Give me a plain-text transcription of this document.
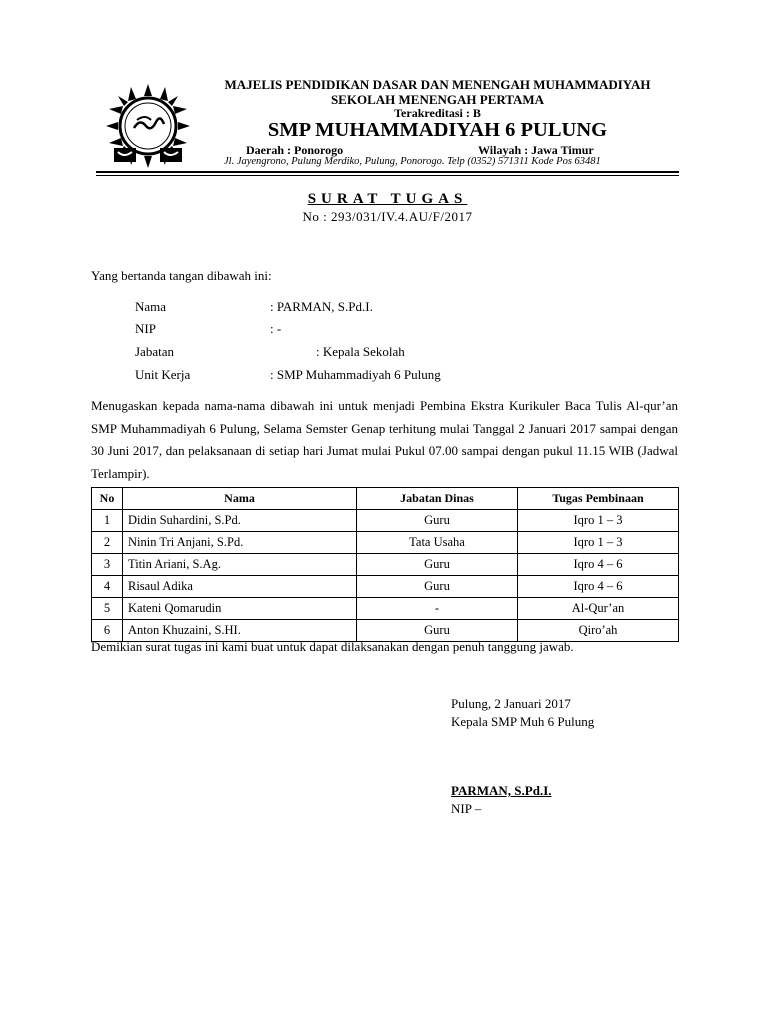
MAJELIS PENDIDIKAN DASAR DAN MENENGAH MUHAMMADIYAH
SEKOLAH MENENGAH PERTAMA
Terakreditasi : B
SMP MUHAMMADIYAH 6 PULUNG
Daerah : Ponorogo	Wilayah : Jawa Timur
Jl. Jayengrono, Pulung Merdiko, Pulung, Ponorogo. Telp (0352) 571311 Kode Pos 63481
SURAT TUGAS
No : 293/031/IV.4.AU/F/2017
Yang bertanda tangan dibawah ini:
Nama	: PARMAN, S.Pd.I.
NIP	: -
Jabatan	: Kepala Sekolah
Unit Kerja	: SMP Muhammadiyah 6 Pulung
Menugaskan kepada nama-nama dibawah ini untuk menjadi Pembina Ekstra Kurikuler Baca Tulis Al-qur’an SMP Muhammadiyah 6 Pulung, Selama Semster Genap terhitung mulai Tanggal 2 Januari 2017 sampai dengan 30 Juni 2017, dan pelaksanaan di setiap hari Jumat mulai Pukul 07.00 sampai dengan pukul 11.15 WIB (Jadwal Terlampir).
No	Nama	Jabatan Dinas	Tugas Pembinaan
1	Didin Suhardini, S.Pd.	Guru	Iqro 1 – 3
2	Ninin Tri Anjani, S.Pd.	Tata Usaha	Iqro 1 – 3
3	Titin Ariani, S.Ag.	Guru	Iqro 4 – 6
4	Risaul Adika	Guru	Iqro 4 – 6
5	Kateni Qomarudin	-	Al-Qur’an
6	Anton Khuzaini, S.HI.	Guru	Qiro’ah
Demikian surat tugas ini kami buat untuk dapat dilaksanakan dengan penuh tanggung jawab.
Pulung, 2 Januari 2017
Kepala SMP Muh 6 Pulung
PARMAN, S.Pd.I.
NIP –
